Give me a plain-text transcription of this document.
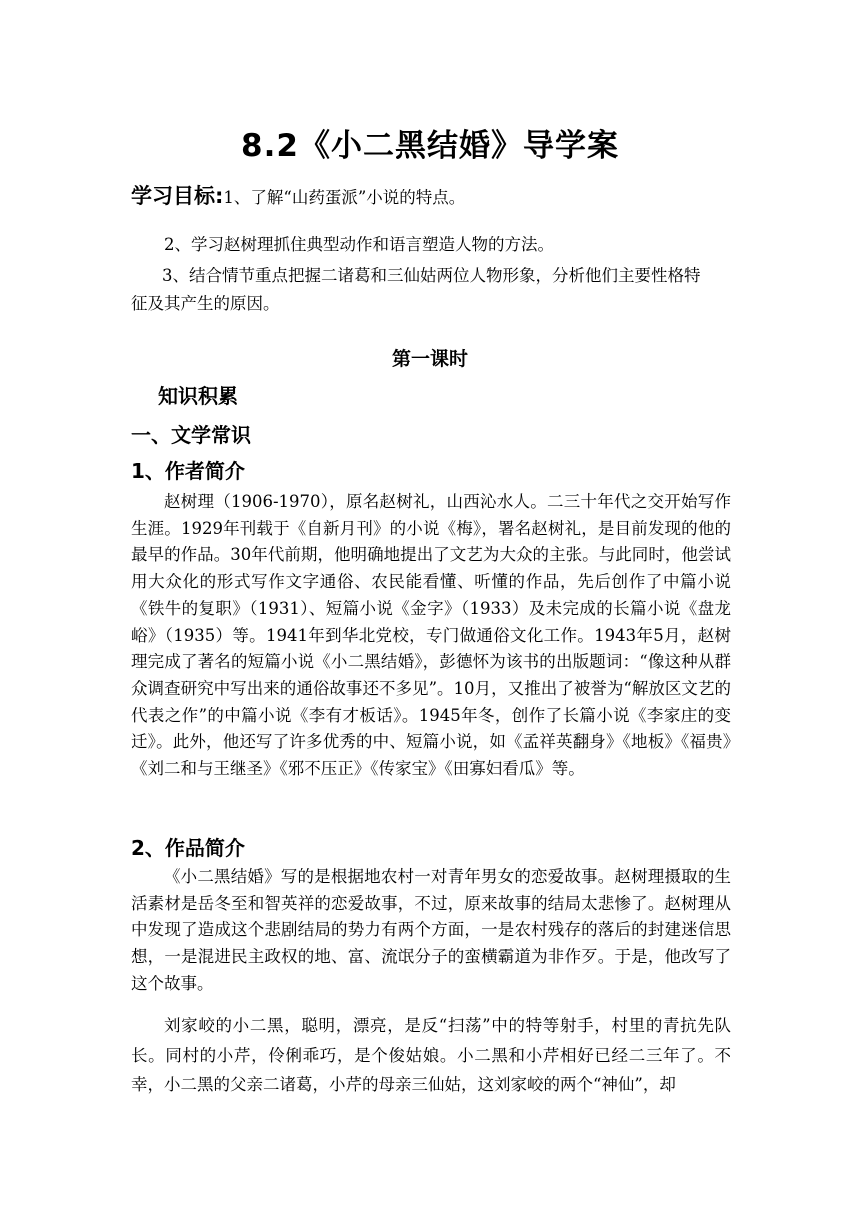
8.2《小二黑结婚》导学案
学习目标:1、了解“山药蛋派”小说的特点。
2、学习赵树理抓住典型动作和语言塑造人物的方法。
3、结合情节重点把握二诸葛和三仙姑两位人物形象，分析他们主要性格特
征及其产生的原因。
第一课时
知识积累
一、文学常识
1、作者简介
赵树理（1906-1970），原名赵树礼，山西沁水人。二三十年代之交开始写作生涯。1929年刊载于《自新月刊》的小说《梅》，署名赵树礼，是目前发现的他的最早的作品。30年代前期，他明确地提出了文艺为大众的主张。与此同时，他尝试用大众化的形式写作文字通俗、农民能看懂、听懂的作品，先后创作了中篇小说《铁牛的复职》（1931）、短篇小说《金字》（1933）及未完成的长篇小说《盘龙峪》（1935）等。1941年到华北党校，专门做通俗文化工作。1943年5月，赵树理完成了著名的短篇小说《小二黑结婚》，彭德怀为该书的出版题词：“像这种从群众调查研究中写出来的通俗故事还不多见”。10月，又推出了被誉为“解放区文艺的代表之作”的中篇小说《李有才板话》。1945年冬，创作了长篇小说《李家庄的变迁》。此外，他还写了许多优秀的中、短篇小说，如《孟祥英翻身》《地板》《福贵》《刘二和与王继圣》《邪不压正》《传家宝》《田寡妇看瓜》等。
2、作品简介
《小二黑结婚》写的是根据地农村一对青年男女的恋爱故事。赵树理摄取的生活素材是岳冬至和智英祥的恋爱故事，不过，原来故事的结局太悲惨了。赵树理从中发现了造成这个悲剧结局的势力有两个方面，一是农村残存的落后的封建迷信思想，一是混进民主政权的地、富、流氓分子的蛮横霸道为非作歹。于是，他改写了这个故事。
刘家峧的小二黑，聪明，漂亮，是反“扫荡”中的特等射手，村里的青抗先队长。同村的小芹，伶俐乖巧，是个俊姑娘。小二黑和小芹相好已经二三年了。不幸，小二黑的父亲二诸葛，小芹的母亲三仙姑，这刘家峧的两个“神仙”，却
